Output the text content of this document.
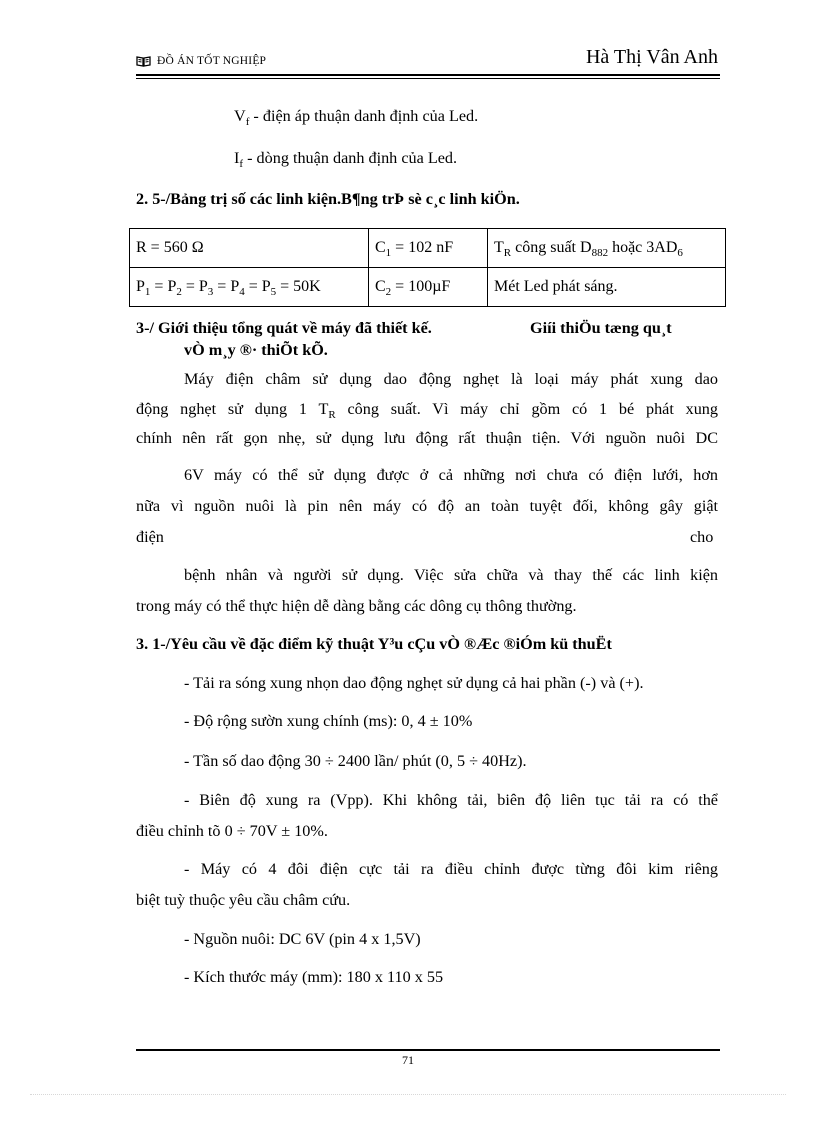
ĐỒ ÁN TỐT NGHIỆP	Hà Thị Vân Anh
$V_f$ - điện áp thuận danh định của Led.
$I_f$ - dòng thuận danh định của Led.
2. 5-/Bảng trị số các linh kiện.B¶ng trÞ sè c¸c linh kiÖn.
R = 560 Ω	$C_1 = 102$ nF	$T_R$ công suất $D_{882}$ hoặc $3AD_6$
$P_1 = P_2 = P_3 = P_4 = P_5 = 50K$	$C_2 = 100\mu F$	Mét Led phát sáng.
3-/ Giới thiệu tổng quát về máy đã thiết kế.	Giíi thiÖu tæng qu¸t
vÒ m¸y ®· thiÕt kÕ.
Máy điện châm sử dụng dao động nghẹt là loại máy phát xung dao
động nghẹt sử dụng 1 $T_R$ công suất. Vì máy chỉ gồm có 1 bé phát xung
chính nên rất gọn nhẹ, sử dụng lưu động rất thuận tiện. Với nguồn nuôi DC
6V máy có thể sử dụng được ở cả những nơi chưa có điện lưới, hơn
nữa vì nguồn nuôi là pin nên máy có độ an toàn tuyệt đối, không gây giật
điện	cho
bệnh nhân và người sử dụng. Việc sửa chữa và thay thế các linh kiện
trong máy có thể thực hiện dễ dàng bằng các dông cụ thông thường.
3. 1-/Yêu cầu về đặc điểm kỹ thuật Y³u cÇu vÒ ®Æc ®iÓm kü thuËt
- Tải ra sóng xung nhọn dao động nghẹt sử dụng cả hai phần (-) và (+).
- Độ rộng sườn xung chính (ms): 0, 4 ± 10%
- Tần số dao động 30 ÷ 2400 lần/ phút (0, 5 ÷ 40Hz).
- Biên độ xung ra (Vpp). Khi không tải, biên độ liên tục tải ra có thể
điều chỉnh tõ 0 ÷ 70V ± 10%.
- Máy có 4 đôi điện cực tải ra điều chỉnh được từng đôi kim riêng
biệt tuỳ thuộc yêu cầu châm cứu.
- Nguồn nuôi: DC 6V (pin 4 x 1,5V)
- Kích thước máy (mm): 180 x 110 x 55
71
